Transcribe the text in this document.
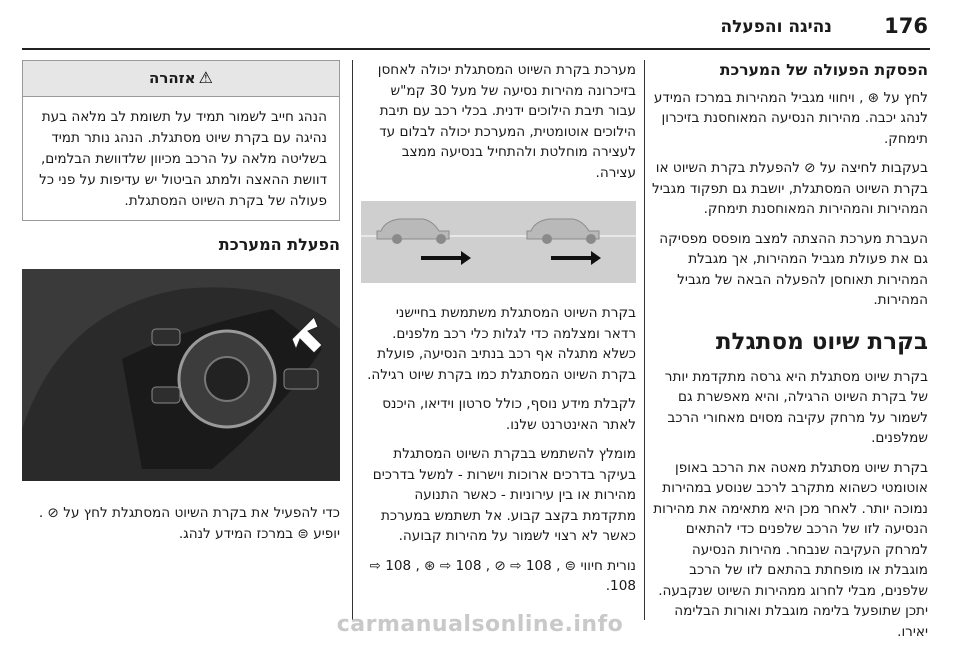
176
נהיגה והפעלה
הפסקת הפעולה של המערכת

לחץ על ⊛ , ויחווי מגביל המהירות במרכז המידע לנהג יכבה. מהירות הנסיעה המאוחסנת בזיכרון תימחק.

בעקבות לחיצה על ⊘ להפעלת בקרת השיוט או בקרת השיוט המסתגלת, יושבת גם תפקוד מגביל המהירות והמהירות המאוחסנת תימחק.

העברת מערכת ההצתה למצב מופסס מפסיקה גם את פעולת מגביל המהירות, אך מגבלת המהירות תאוחסן להפעלה הבאה של מגביל המהירות.

בקרת שיוט מסתגלת

בקרת שיוט מסתגלת היא גרסה מתקדמת יותר של בקרת השיוט הרגילה, והיא מאפשרת גם לשמור על מרחק עקיבה מסוים מאחורי הרכב שמלפנים.

בקרת שיוט מסתגלת מאטה את הרכב באופן אוטומטי כשהוא מתקרב לרכב שנוסע במהירות נמוכה יותר. לאחר מכן היא מתאימה את מהירות הנסיעה לזו של הרכב שלפנים כדי להתאים למרחק העקיבה שנבחר. מהירות הנסיעה מוגבלת או מופחתת בהתאם לזו של הרכב שלפנים, מבלי לחרוג ממהירות השיוט שנקבעה. יתכן שתופעל בלימה מוגבלת ואורות הבלימה יאירו.

מערכת בקרת השיוט המסתגלת יכולה לאחסן בזיכרונה מהירות נסיעה של מעל 30 קמ"ש עבור תיבת הילוכים ידנית. בכלי רכב עם תיבת הילוכים אוטומטית, המערכת יכולה לבלום עד לעצירה מוחלטת ולהתחיל בנסיעה ממצב עצירה.

בקרת השיוט המסתגלת משתמשת בחיישני רדאר ומצלמה כדי לגלות כלי רכב מלפנים. כשלא מתגלה אף רכב בנתיב הנסיעה, פועלת בקרת השיוט המסתגלת כמו בקרת שיוט רגילה.

לקבלת מידע נוסף, כולל סרטון וידיאו, היכנס לאתר האינטרנט שלנו.

מומלץ להשתמש בבקרת השיוט המסתגלת בעיקר בדרכים ארוכות וישרות - למשל בדרכים מהירות או בין עירוניות - כאשר התנועה מתקדמת בקצב קבוע. אל תשתמש במערכת כאשר לא רצוי לשמור על מהירות קבועה.

נורית חיווי ⊜ , 108 ⇨ ⊘ , 108 ⇨ ⊛ , 108 ⇨ 108.

⚠אזהרה
הנהג חייב לשמור תמיד על תשומת לב מלאה בעת נהיגה עם בקרת שיוט מסתגלת. הנהג נותר תמיד בשליטה מלאה על הרכב מכיוון שלדוושת הבלמים, דוושת ההאצה ולמתג הביטול יש עדיפות על פני כל פעולה של בקרת השיוט המסתגלת.
הפעלת המערכת

כדי להפעיל את בקרת השיוט המסתגלת לחץ על ⊘ . יופיע ⊜ במרכז המידע לנהג.

carmanualsonline.info
